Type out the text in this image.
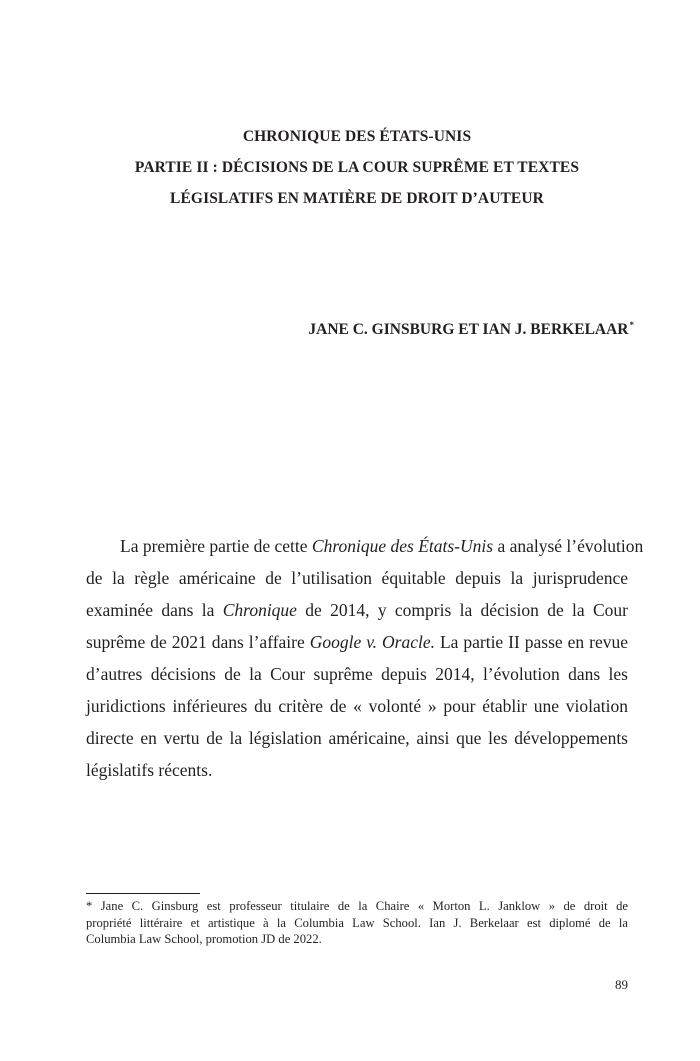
CHRONIQUE DES ÉTATS-UNIS
PARTIE II : DÉCISIONS DE LA COUR SUPRÊME ET TEXTES
LÉGISLATIFS EN MATIÈRE DE DROIT D’AUTEUR
JANE C. GINSBURG ET IAN J. BERKELAAR*
La première partie de cette Chronique des États-Unis a analysé l’évolution
de la règle américaine de l’utilisation équitable depuis la jurisprudence
examinée dans la Chronique de 2014, y compris la décision de la Cour
suprême de 2021 dans l’affaire Google v. Oracle. La partie II passe en revue
d’autres décisions de la Cour suprême depuis 2014, l’évolution dans les
juridictions inférieures du critère de « volonté » pour établir une violation
directe en vertu de la législation américaine, ainsi que les développements
législatifs récents.
* Jane C. Ginsburg est professeur titulaire de la Chaire « Morton L. Janklow » de droit de
propriété littéraire et artistique à la Columbia Law School. Ian J. Berkelaar est diplomé de la
Columbia Law School, promotion JD de 2022.
89
